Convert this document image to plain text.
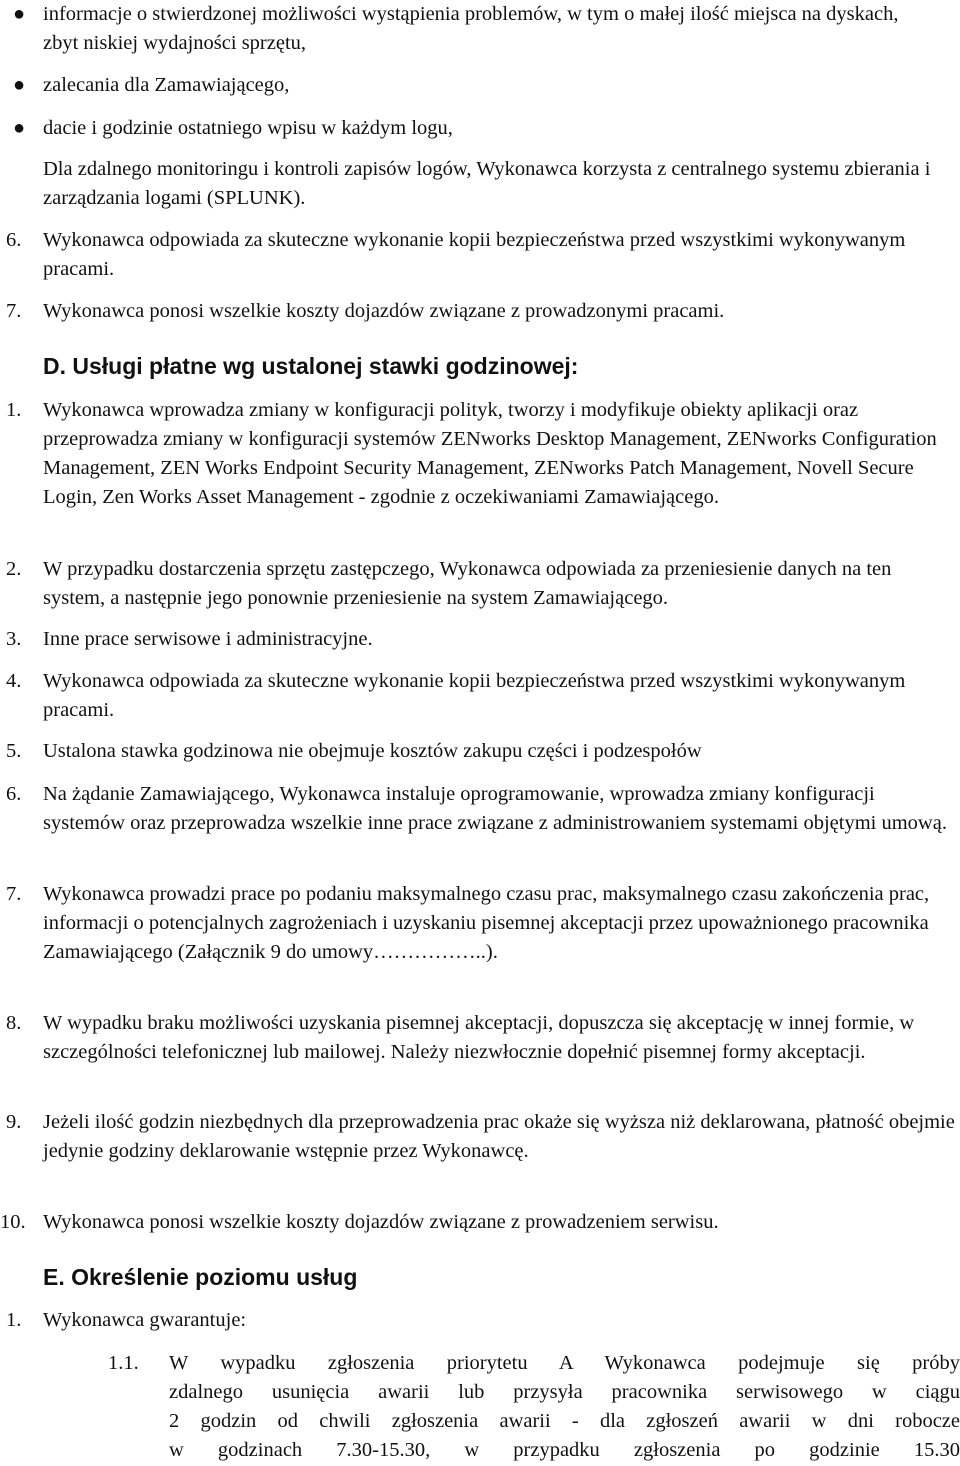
● informacje o stwierdzonej możliwości wystąpienia problemów, w tym o małej ilość miejsca na dyskach, zbyt niskiej wydajności sprzętu,
● zalecania dla Zamawiającego,
● dacie i godzinie ostatniego wpisu w każdym logu,
Dla zdalnego monitoringu i kontroli zapisów logów, Wykonawca korzysta z centralnego systemu zbierania i zarządzania logami (SPLUNK).
6. Wykonawca odpowiada za skuteczne wykonanie kopii bezpieczeństwa przed wszystkimi wykonywanym pracami.
7. Wykonawca ponosi wszelkie koszty dojazdów związane z prowadzonymi pracami.
D. Usługi płatne wg ustalonej stawki godzinowej:
1. Wykonawca wprowadza zmiany w konfiguracji polityk, tworzy i modyfikuje obiekty aplikacji oraz przeprowadza zmiany w konfiguracji systemów ZENworks Desktop Management, ZENworks Configuration Management, ZEN Works Endpoint Security Management, ZENworks Patch Management, Novell Secure Login, Zen Works Asset Management - zgodnie z oczekiwaniami Zamawiającego.
2. W przypadku dostarczenia sprzętu zastępczego, Wykonawca odpowiada za przeniesienie danych na ten system, a następnie jego ponownie przeniesienie na system Zamawiającego.
3. Inne prace serwisowe i administracyjne.
4. Wykonawca odpowiada za skuteczne wykonanie kopii bezpieczeństwa przed wszystkimi wykonywanym pracami.
5. Ustalona stawka godzinowa nie obejmuje kosztów zakupu części i podzespołów
6. Na żądanie Zamawiającego, Wykonawca instaluje oprogramowanie, wprowadza zmiany konfiguracji systemów oraz przeprowadza wszelkie inne prace związane z administrowaniem systemami objętymi umową.
7. Wykonawca prowadzi prace po podaniu maksymalnego czasu prac, maksymalnego czasu zakończenia prac, informacji o potencjalnych zagrożeniach i uzyskaniu pisemnej akceptacji przez upoważnionego pracownika Zamawiającego (Załącznik 9 do umowy……………..).
8. W wypadku braku możliwości uzyskania pisemnej akceptacji, dopuszcza się akceptację w innej formie, w szczególności telefonicznej lub mailowej. Należy niezwłocznie dopełnić pisemnej formy akceptacji.
9. Jeżeli ilość godzin niezbędnych dla przeprowadzenia prac okaże się wyższa niż deklarowana, płatność obejmie jedynie godziny deklarowanie wstępnie przez Wykonawcę.
10. Wykonawca ponosi wszelkie koszty dojazdów związane z prowadzeniem serwisu.
E. Określenie poziomu usług
1. Wykonawca gwarantuje:
1.1. W wypadku zgłoszenia priorytetu A Wykonawca podejmuje się próby
zdalnego usunięcia awarii lub przysyła pracownika serwisowego w ciągu
2 godzin od chwili zgłoszenia awarii - dla zgłoszeń awarii w dni robocze
w godzinach 7.30-15.30, w przypadku zgłoszenia po godzinie 15.30
